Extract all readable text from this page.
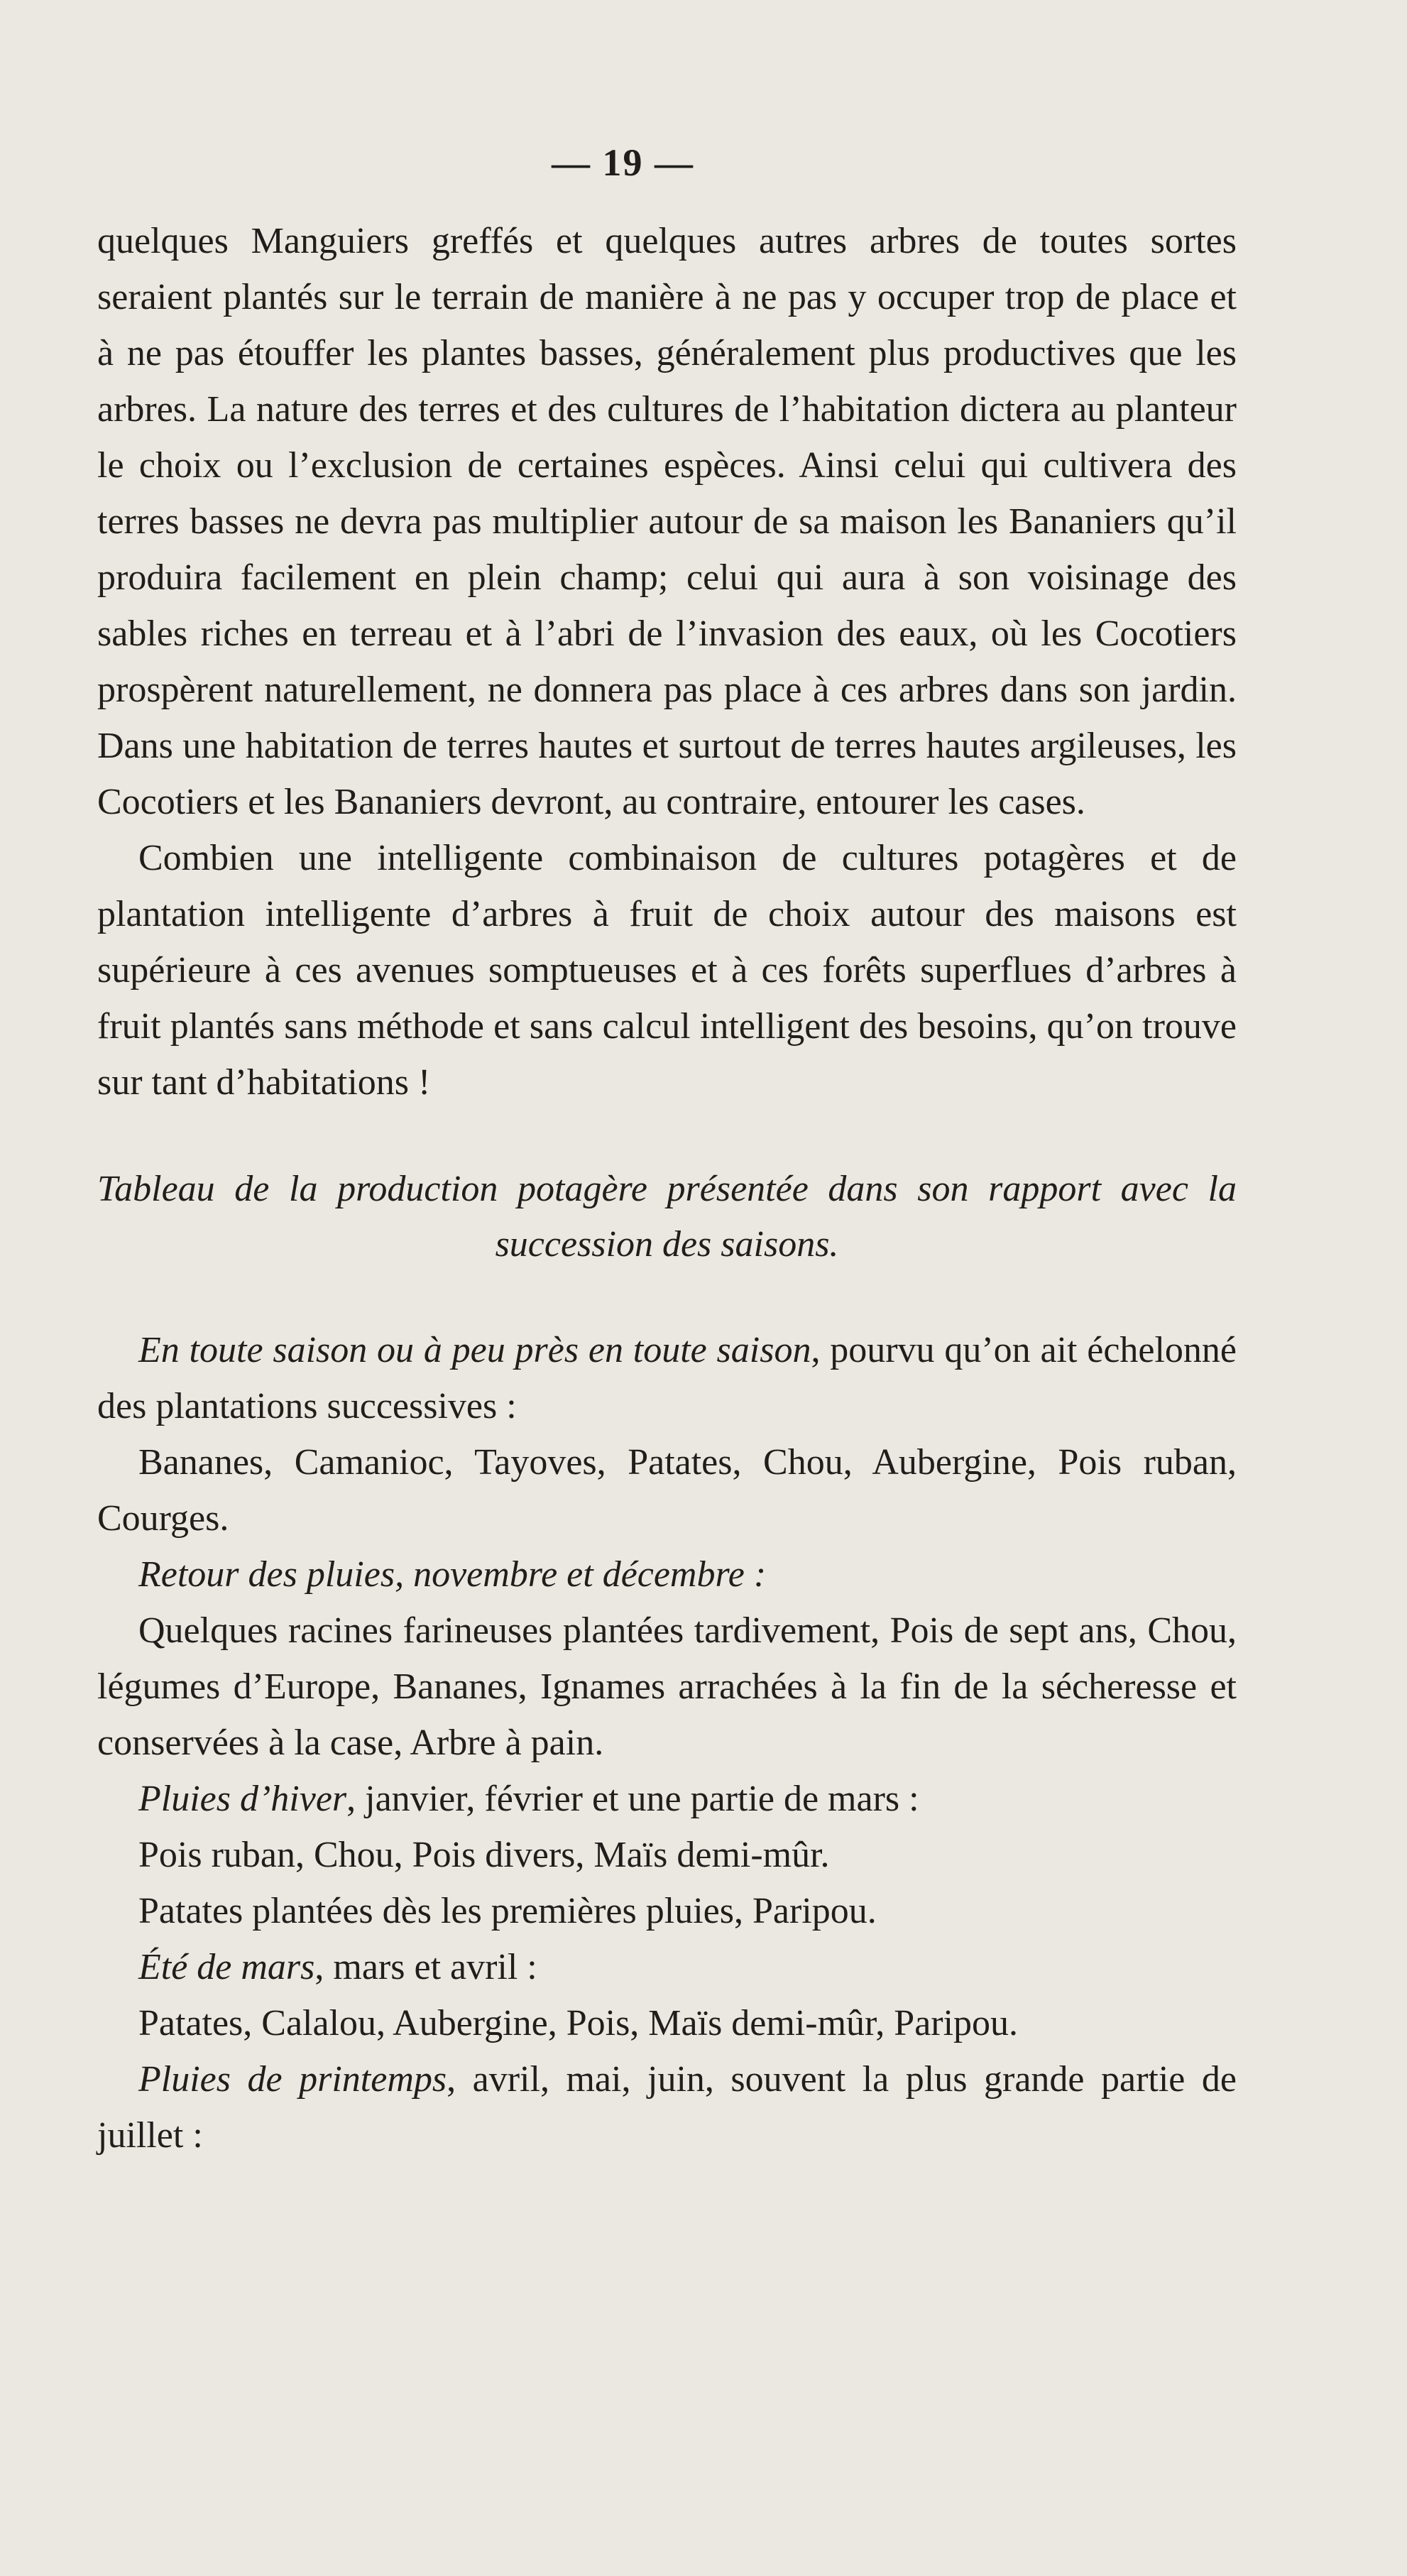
— 19 —

quelques Manguiers greffés et quelques autres arbres de toutes sortes seraient plantés sur le terrain de manière à ne pas y occuper trop de place et à ne pas étouffer les plantes basses, généralement plus productives que les arbres. La nature des terres et des cultures de l’habitation dictera au planteur le choix ou l’exclusion de certaines espèces. Ainsi celui qui cultivera des terres basses ne devra pas multiplier autour de sa maison les Bananiers qu’il produira facilement en plein champ; celui qui aura à son voisinage des sables riches en terreau et à l’abri de l’invasion des eaux, où les Cocotiers prospèrent naturellement, ne donnera pas place à ces arbres dans son jardin. Dans une habitation de terres hautes et surtout de terres hautes argileuses, les Cocotiers et les Bananiers devront, au contraire, entourer les cases.

Combien une intelligente combinaison de cultures potagères et de plantation intelligente d’arbres à fruit de choix autour des maisons est supérieure à ces avenues somptueuses et à ces forêts superflues d’arbres à fruit plantés sans méthode et sans calcul intelligent des besoins, qu’on trouve sur tant d’habitations !

Tableau de la production potagère présentée dans son rapport avec la

succession des saisons.

En toute saison ou à peu près en toute saison, pourvu qu’on ait échelonné des plantations successives :

Bananes, Camanioc, Tayoves, Patates, Chou, Aubergine, Pois ruban, Courges.

Retour des pluies, novembre et décembre :

Quelques racines farineuses plantées tardivement, Pois de sept ans, Chou, légumes d’Europe, Bananes, Ignames arrachées à la fin de la sécheresse et conservées à la case, Arbre à pain.

Pluies d’hiver, janvier, février et une partie de mars :

Pois ruban, Chou, Pois divers, Maïs demi-mûr.

Patates plantées dès les premières pluies, Paripou.

Été de mars, mars et avril :

Patates, Calalou, Aubergine, Pois, Maïs demi-mûr, Paripou.

Pluies de printemps, avril, mai, juin, souvent la plus grande partie de juillet :
